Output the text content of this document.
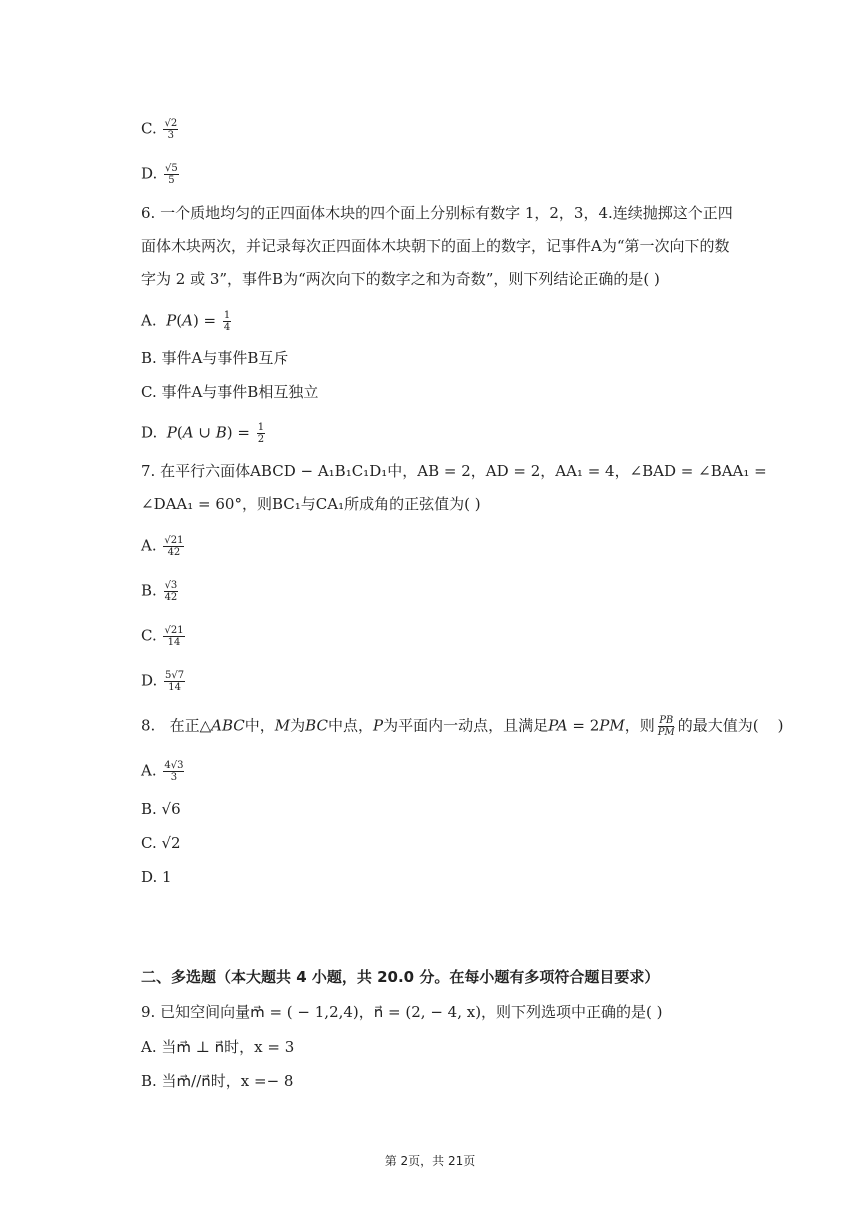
C. $\frac{√2}{3}$
D. $\frac{√5}{5}$
6. 一个质地均匀的正四面体木块的四个面上分别标有数字 1，2，3，4.连续抛掷这个正四
面体木块两次，并记录每次正四面体木块朝下的面上的数字，记事件A为“第一次向下的数
字为 2 或 3”，事件B为“两次向下的数字之和为奇数”，则下列结论正确的是( )
A.  $P(A) = \frac{1}{4}$
B. 事件A与事件B互斥
C. 事件A与事件B相互独立
D.  P(A ∪ $B) = \frac{1}{2}$
7. 在平行六面体ABCD − A₁B₁C₁D₁中，AB = 2，AD = 2，AA₁ = 4，∠BAD = ∠BAA₁ =
∠DAA₁ = 60°，则BC₁与CA₁所成角的正弦值为( )
A. $\frac{√21}{42}$
B. $\frac{√3}{42}$
C. $\frac{√21}{14}$
D. $\frac{5√7}{14}$
8.   在正△ABC中，M为BC中点，P为平面内一动点，且满足PA = 2PM，则 $\frac{PB}{PM}$ 的最大值为(    )
A. $\frac{4√3}{3}$
B. √6
C. √2
D. 1
二、多选题（本大题共 4 小题，共 20.0 分。在每小题有多项符合题目要求）
9. 已知空间向量m⃗ = ( − 1,2,4)，n⃗ = (2, − 4, x)，则下列选项中正确的是( )
A. 当m⃗ ⊥ n⃗时，x = 3
B. 当m⃗//n⃗时，x =− 8
第 2页，共 21页
